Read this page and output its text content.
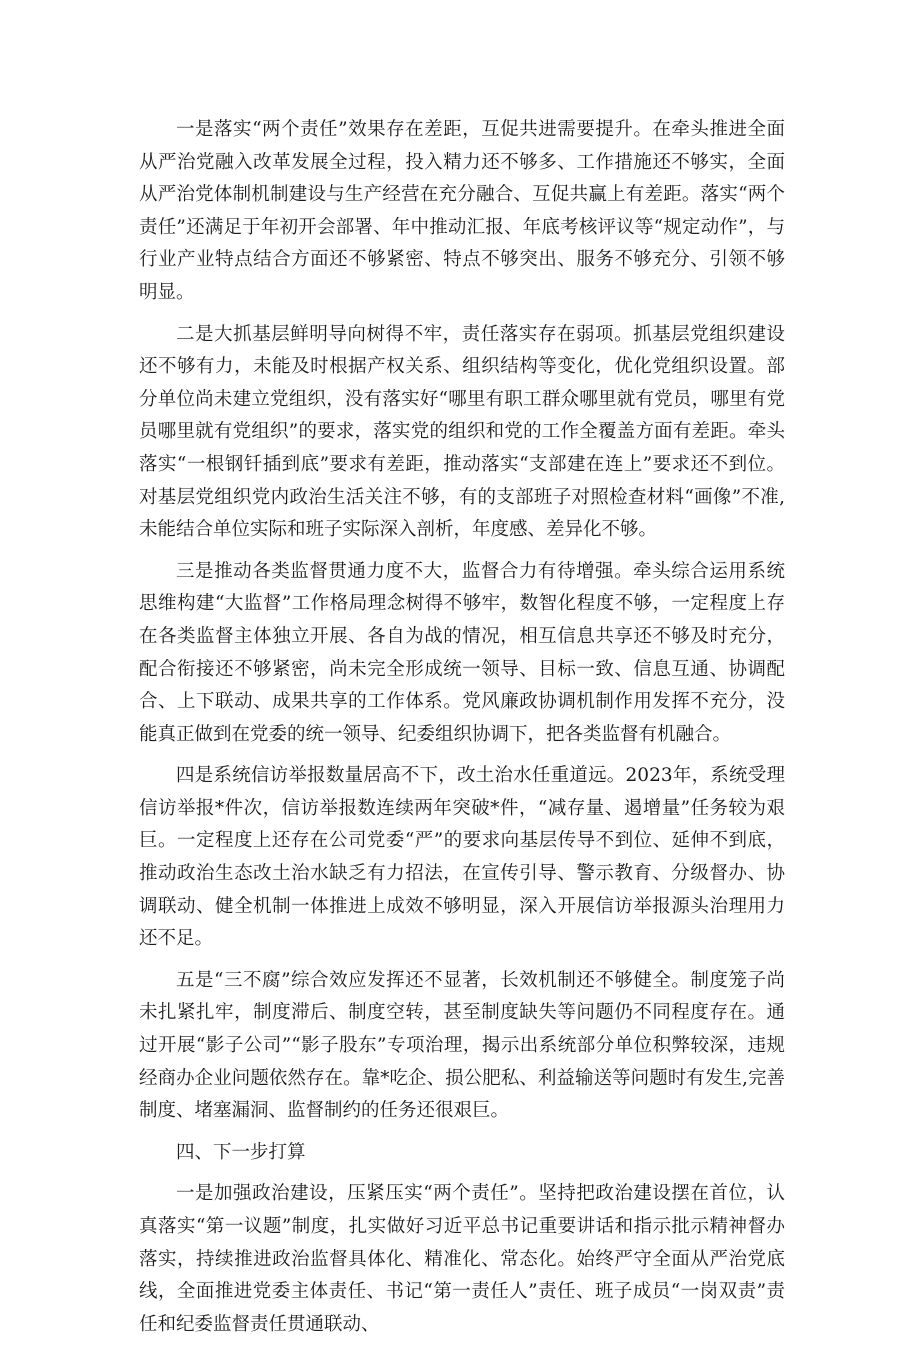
一是落实“两个责任”效果存在差距，互促共进需要提升。在牵头推进全面从严治党融入改革发展全过程，投入精力还不够多、工作措施还不够实，全面从严治党体制机制建设与生产经营在充分融合、互促共赢上有差距。落实“两个责任”还满足于年初开会部署、年中推动汇报、年底考核评议等“规定动作”，与行业产业特点结合方面还不够紧密、特点不够突出、服务不够充分、引领不够明显。

二是大抓基层鲜明导向树得不牢，责任落实存在弱项。抓基层党组织建设还不够有力，未能及时根据产权关系、组织结构等变化，优化党组织设置。部分单位尚未建立党组织，没有落实好“哪里有职工群众哪里就有党员，哪里有党员哪里就有党组织”的要求，落实党的组织和党的工作全覆盖方面有差距。牵头落实“一根钢钎插到底”要求有差距，推动落实“支部建在连上”要求还不到位。对基层党组织党内政治生活关注不够，有的支部班子对照检查材料“画像”不准,未能结合单位实际和班子实际深入剖析，年度感、差异化不够。

三是推动各类监督贯通力度不大，监督合力有待增强。牵头综合运用系统思维构建“大监督”工作格局理念树得不够牢，数智化程度不够，一定程度上存在各类监督主体独立开展、各自为战的情况，相互信息共享还不够及时充分，配合衔接还不够紧密，尚未完全形成统一领导、目标一致、信息互通、协调配合、上下联动、成果共享的工作体系。党风廉政协调机制作用发挥不充分，没能真正做到在党委的统一领导、纪委组织协调下，把各类监督有机融合。

四是系统信访举报数量居高不下，改土治水任重道远。2023年，系统受理信访举报*件次，信访举报数连续两年突破*件，“减存量、遏增量”任务较为艰巨。一定程度上还存在公司党委“严”的要求向基层传导不到位、延伸不到底，推动政治生态改土治水缺乏有力招法，在宣传引导、警示教育、分级督办、协调联动、健全机制一体推进上成效不够明显，深入开展信访举报源头治理用力还不足。

五是“三不腐”综合效应发挥还不显著，长效机制还不够健全。制度笼子尚未扎紧扎牢，制度滞后、制度空转，甚至制度缺失等问题仍不同程度存在。通过开展“影子公司”“影子股东”专项治理，揭示出系统部分单位积弊较深，违规经商办企业问题依然存在。靠*吃企、损公肥私、利益输送等问题时有发生,完善制度、堵塞漏洞、监督制约的任务还很艰巨。

四、下一步打算

一是加强政治建设，压紧压实“两个责任”。坚持把政治建设摆在首位，认真落实“第一议题”制度，扎实做好习近平总书记重要讲话和指示批示精神督办落实，持续推进政治监督具体化、精准化、常态化。始终严守全面从严治党底线，全面推进党委主体责任、书记“第一责任人”责任、班子成员“一岗双责”责任和纪委监督责任贯通联动、
